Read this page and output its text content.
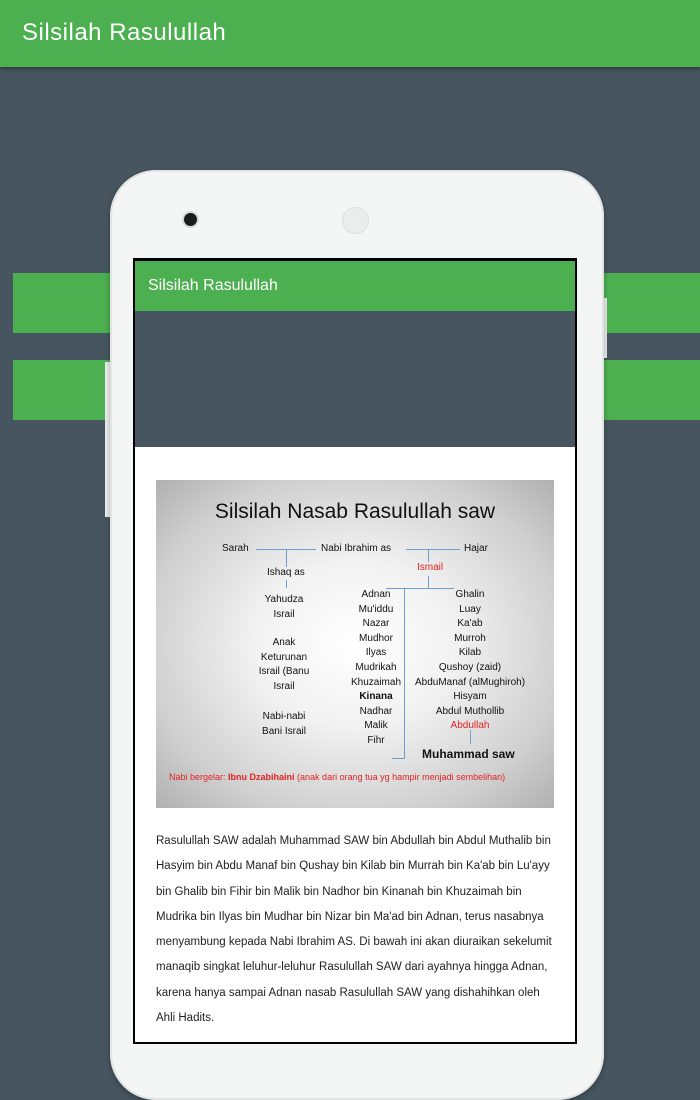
Silsilah Rasulullah
Silsilah Rasulullah
Silsilah Nasab Rasulullah saw
Sarah	Nabi Ibrahim as	Hajar
Ishaq as	Ismail
Yahudza
Israil
Anak
Keturunan
Israil (Banu
Israil
Nabi-nabi
Bani Israil
Adnan
Mu'iddu
Nazar
Mudhor
Ilyas
Mudrikah
Khuzaimah
Kinana
Nadhar
Malik
Fihr
Ghalin
Luay
Ka'ab
Murroh
Kilab
Qushoy (zaid)
AbduManaf (alMughiroh)
Hisyam
Abdul Muthollib
Abdullah
Muhammad saw
Nabi bergelar: Ibnu Dzabihaini (anak dari orang tua yg hampir menjadi sembelihan)
Rasulullah SAW adalah Muhammad SAW bin Abdullah bin Abdul Muthalib bin Hasyim bin Abdu Manaf bin Qushay bin Kilab bin Murrah bin Ka'ab bin Lu'ayy bin Ghalib bin Fihir bin Malik bin Nadhor bin Kinanah bin Khuzaimah bin Mudrika bin Ilyas bin Mudhar bin Nizar bin Ma'ad bin Adnan, terus nasabnya menyambung kepada Nabi Ibrahim AS. Di bawah ini akan diuraikan sekelumit manaqib singkat leluhur-leluhur Rasulullah SAW dari ayahnya hingga Adnan, karena hanya sampai Adnan nasab Rasulullah SAW yang dishahihkan oleh Ahli Hadits.
